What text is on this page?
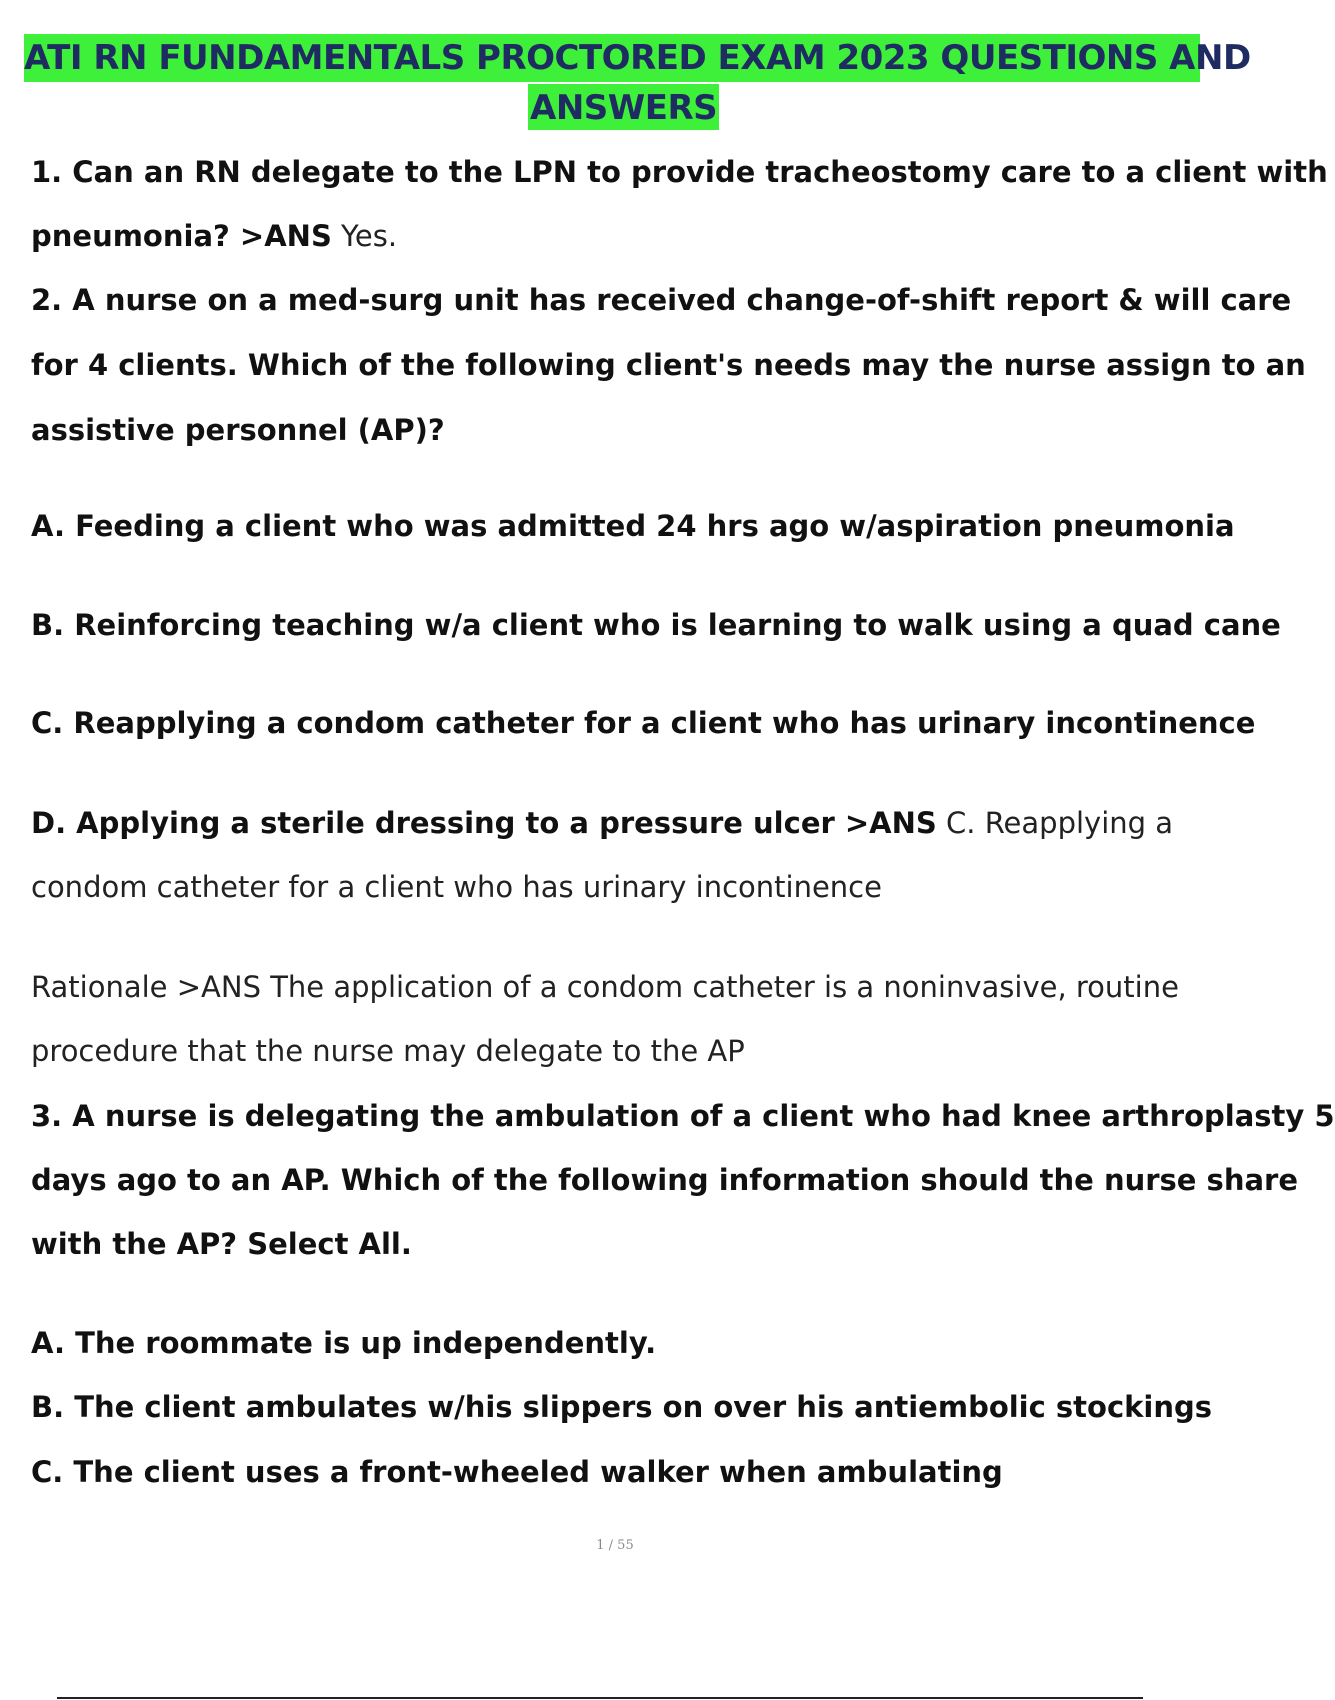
ATI RN FUNDAMENTALS PROCTORED EXAM 2023 QUESTIONS AND
ANSWERS
1. Can an RN delegate to the LPN to provide tracheostomy care to a client with
pneumonia? >ANS Yes.
2. A nurse on a med-surg unit has received change-of-shift report & will care
for 4 clients. Which of the following client's needs may the nurse assign to an
assistive personnel (AP)?
A. Feeding a client who was admitted 24 hrs ago w/aspiration pneumonia
B. Reinforcing teaching w/a client who is learning to walk using a quad cane
C. Reapplying a condom catheter for a client who has urinary incontinence
D. Applying a sterile dressing to a pressure ulcer >ANS C. Reapplying a
condom catheter for a client who has urinary incontinence
Rationale >ANS The application of a condom catheter is a noninvasive, routine
procedure that the nurse may delegate to the AP
3. A nurse is delegating the ambulation of a client who had knee arthroplasty 5
days ago to an AP. Which of the following information should the nurse share
with the AP? Select All.
A. The roommate is up independently.
B. The client ambulates w/his slippers on over his antiembolic stockings
C. The client uses a front-wheeled walker when ambulating
1 / 55
